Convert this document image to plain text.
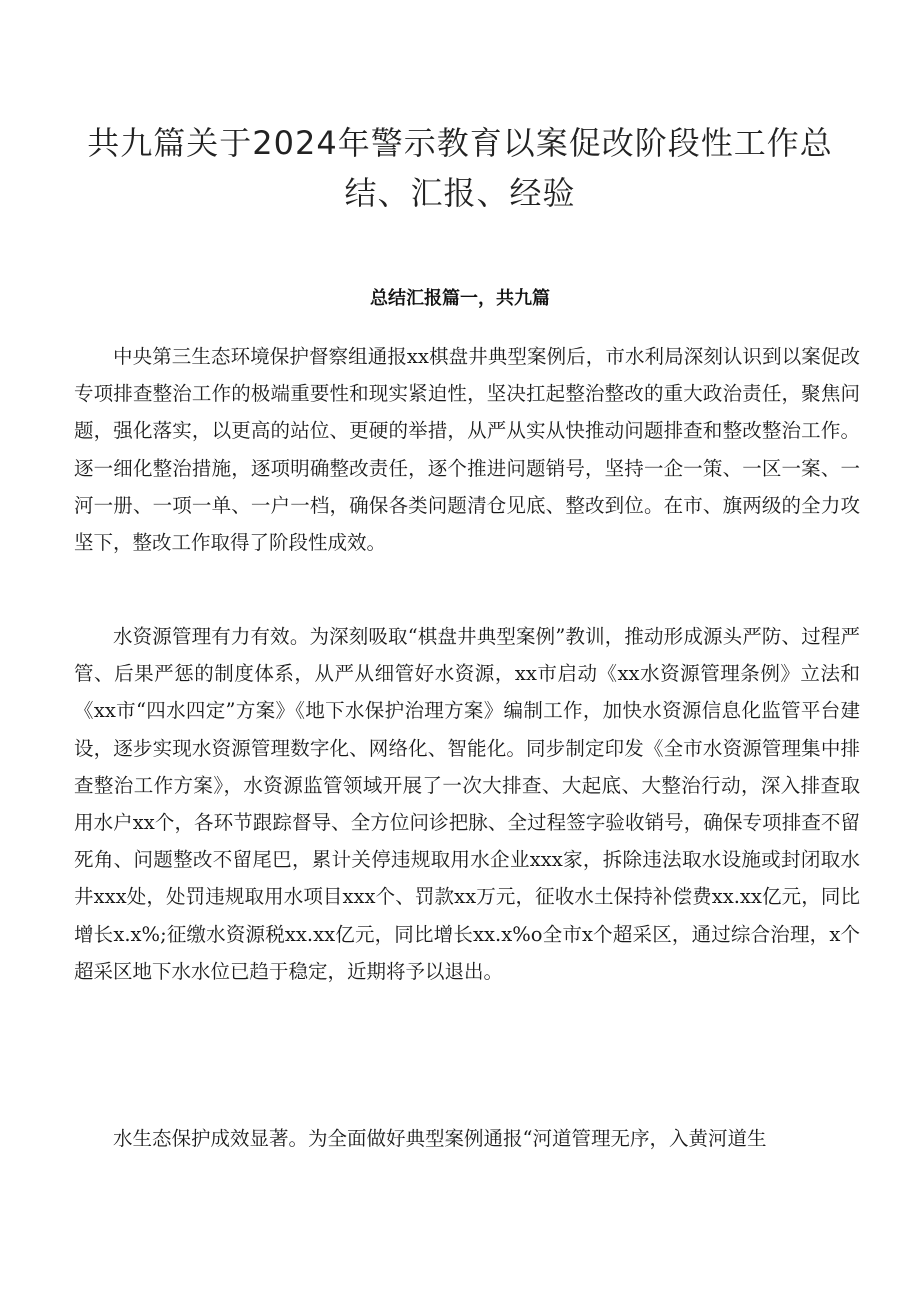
共九篇关于2024年警示教育以案促改阶段性工作总结、汇报、经验
总结汇报篇一，共九篇

中央第三生态环境保护督察组通报xx棋盘井典型案例后，市水利局深刻认识到以案促改专项排查整治工作的极端重要性和现实紧迫性，坚决扛起整治整改的重大政治责任，聚焦问题，强化落实，以更高的站位、更硬的举措，从严从实从快推动问题排查和整改整治工作。逐一细化整治措施，逐项明确整改责任，逐个推进问题销号，坚持一企一策、一区一案、一河一册、一项一单、一户一档，确保各类问题清仓见底、整改到位。在市、旗两级的全力攻坚下，整改工作取得了阶段性成效。

水资源管理有力有效。为深刻吸取“棋盘井典型案例”教训，推动形成源头严防、过程严管、后果严惩的制度体系，从严从细管好水资源，xx市启动《xx水资源管理条例》立法和《xx市“四水四定”方案》《地下水保护治理方案》编制工作，加快水资源信息化监管平台建设，逐步实现水资源管理数字化、网络化、智能化。同步制定印发《全市水资源管理集中排查整治工作方案》，水资源监管领域开展了一次大排查、大起底、大整治行动，深入排查取用水户xx个，各环节跟踪督导、全方位问诊把脉、全过程签字验收销号，确保专项排查不留死角、问题整改不留尾巴，累计关停违规取用水企业xxx家，拆除违法取水设施或封闭取水井xxx处，处罚违规取用水项目xxx个、罚款xx万元，征收水土保持补偿费xx.xx亿元，同比增长x.x%;征缴水资源税xx.xx亿元，同比增长xx.x%o全市x个超采区，通过综合治理，x个超采区地下水水位已趋于稳定，近期将予以退出。

水生态保护成效显著。为全面做好典型案例通报“河道管理无序，入黄河道生
